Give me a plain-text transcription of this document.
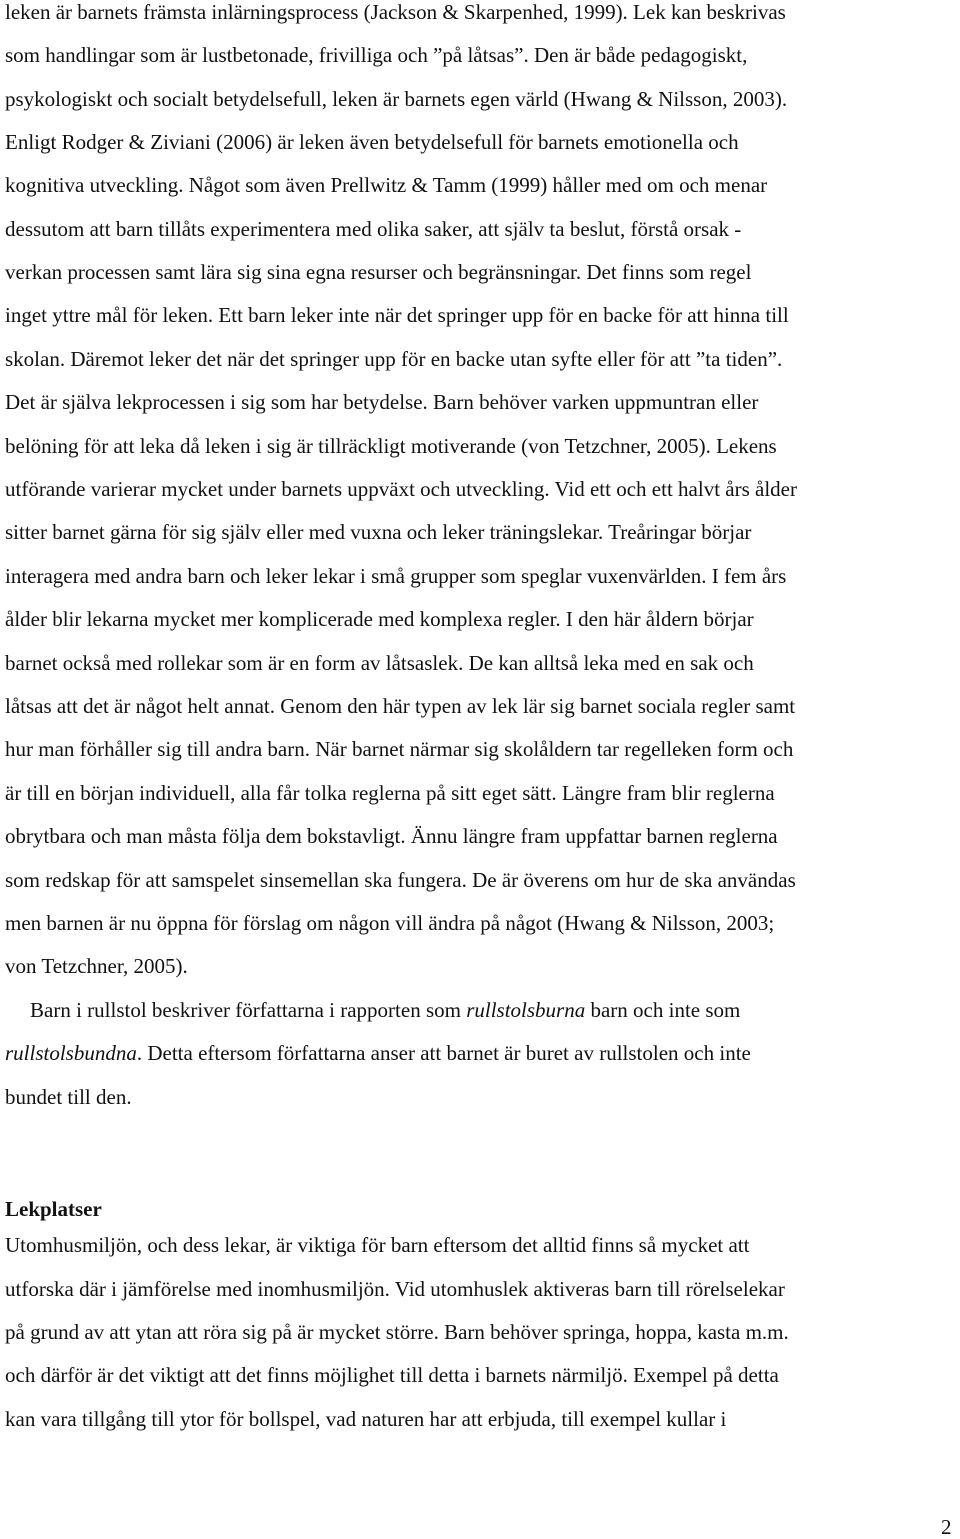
leken är barnets främsta inlärningsprocess (Jackson & Skarpenhed, 1999). Lek kan beskrivas
som handlingar som är lustbetonade, frivilliga och ”på låtsas”. Den är både pedagogiskt,
psykologiskt och socialt betydelsefull, leken är barnets egen värld (Hwang & Nilsson, 2003).
Enligt Rodger & Ziviani (2006) är leken även betydelsefull för barnets emotionella och
kognitiva utveckling. Något som även Prellwitz & Tamm (1999) håller med om och menar
dessutom att barn tillåts experimentera med olika saker, att själv ta beslut, förstå orsak -
verkan processen samt lära sig sina egna resurser och begränsningar. Det finns som regel
inget yttre mål för leken. Ett barn leker inte när det springer upp för en backe för att hinna till
skolan. Däremot leker det när det springer upp för en backe utan syfte eller för att ”ta tiden”.
Det är själva lekprocessen i sig som har betydelse. Barn behöver varken uppmuntran eller
belöning för att leka då leken i sig är tillräckligt motiverande (von Tetzchner, 2005). Lekens
utförande varierar mycket under barnets uppväxt och utveckling. Vid ett och ett halvt års ålder
sitter barnet gärna för sig själv eller med vuxna och leker träningslekar. Treåringar börjar
interagera med andra barn och leker lekar i små grupper som speglar vuxenvärlden. I fem års
ålder blir lekarna mycket mer komplicerade med komplexa regler. I den här åldern börjar
barnet också med rollekar som är en form av låtsaslek. De kan alltså leka med en sak och
låtsas att det är något helt annat. Genom den här typen av lek lär sig barnet sociala regler samt
hur man förhåller sig till andra barn. När barnet närmar sig skolåldern tar regelleken form och
är till en början individuell, alla får tolka reglerna på sitt eget sätt. Längre fram blir reglerna
obrytbara och man måsta följa dem bokstavligt. Ännu längre fram uppfattar barnen reglerna
som redskap för att samspelet sinsemellan ska fungera. De är överens om hur de ska användas
men barnen är nu öppna för förslag om någon vill ändra på något (Hwang & Nilsson, 2003;
von Tetzchner, 2005).
Barn i rullstol beskriver författarna i rapporten som rullstolsburna barn och inte som
rullstolsbundna. Detta eftersom författarna anser att barnet är buret av rullstolen och inte
bundet till den.
Lekplatser
Utomhusmiljön, och dess lekar, är viktiga för barn eftersom det alltid finns så mycket att
utforska där i jämförelse med inomhusmiljön. Vid utomhuslek aktiveras barn till rörelselekar
på grund av att ytan att röra sig på är mycket större. Barn behöver springa, hoppa, kasta m.m.
och därför är det viktigt att det finns möjlighet till detta i barnets närmiljö. Exempel på detta
kan vara tillgång till ytor för bollspel, vad naturen har att erbjuda, till exempel kullar i
2
